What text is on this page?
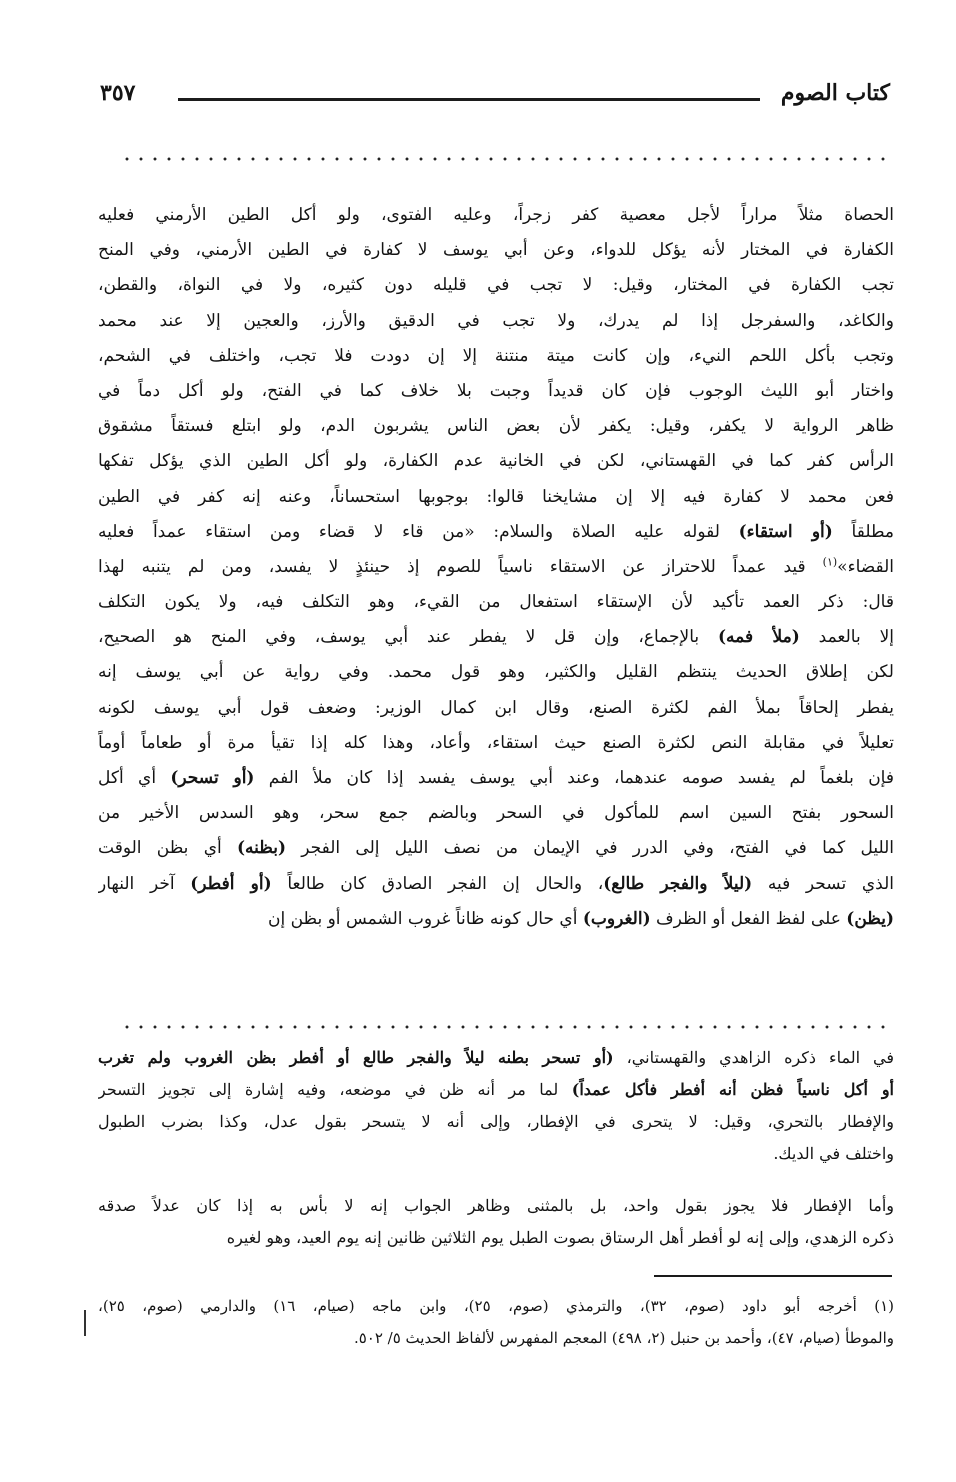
كتاب الصوم
٣٥٧
الحصاة مثلاً مراراً لأجل معصية كفر زجراً، وعليه الفتوى، ولو أكل الطين الأرمني فعليه
الكفارة في المختار لأنه يؤكل للدواء، وعن أبي يوسف لا كفارة في الطين الأرمني، وفي المنح
تجب الكفارة في المختار، وقيل: لا تجب في قليله دون كثيره، ولا في النواة، والقطن،
والكاغد، والسفرجل إذا لم يدرك، ولا تجب في الدقيق والأرز، والعجين إلا عند محمد
وتجب بأكل اللحم النيء، وإن كانت ميتة منتنة إلا إن دودت فلا تجب، واختلف في الشحم،
واختار أبو الليث الوجوب فإن كان قديداً وجبت بلا خلاف كما في الفتح، ولو أكل دماً في
ظاهر الرواية لا يكفر، وقيل: يكفر لأن بعض الناس يشربون الدم، ولو ابتلع فستقاً مشقوق
الرأس كفر كما في القهستاني، لكن في الخانية عدم الكفارة، ولو أكل الطين الذي يؤكل تفكها
فعن محمد لا كفارة فيه إلا إن مشايخنا قالوا: بوجوبها استحساناً، وعنه إنه كفر في الطين
مطلقاً (أو استقاء) لقوله عليه الصلاة والسلام: «من قاء لا قضاء ومن استقاء عمداً فعليه
القضاء»$^{(١)}$ قيد عمداً للاحتراز عن الاستقاء ناسياً للصوم إذ حينئذٍ لا يفسد، ومن لم يتنبه لهذا
قال: ذكر العمد تأكيد لأن الإستقاء استفعال من القيء، وهو التكلف فيه، ولا يكون التكلف
إلا بالعمد (ملأ فمه) بالإجماع، وإن قل لا يفطر عند أبي يوسف، وفي المنح هو الصحيح،
لكن إطلاق الحديث ينتظم القليل والكثير، وهو قول محمد. وفي رواية عن أبي يوسف إنه
يفطر إلحاقاً بملأ الفم لكثرة الصنع، وقال ابن كمال الوزير: وضعف قول أبي يوسف لكونه
تعليلاً في مقابلة النص لكثرة الصنع حيث استقاء، وأعاد، وهذا كله إذا تقيأ مرة أو طعاماً أوماً
فإن بلغماً لم يفسد صومه عندهما، وعند أبي يوسف يفسد إذا كان ملأ الفم (أو تسحر) أي أكل
السحور بفتح السين اسم للمأكول في السحر وبالضم جمع سحر، وهو السدس الأخير من
الليل كما في الفتح، وفي الدرر في الإيمان من نصف الليل إلى الفجر (بظنه) أي بظن الوقت
الذي تسحر فيه (ليلاً والفجر طالع)، والحال إن الفجر الصادق كان طالعاً (أو أفطر) آخر النهار
(يظن) على لفظ الفعل أو الظرف (الغروب) أي حال كونه ظاناً غروب الشمس أو بظن إن
في الماء ذكره الزاهدي والقهستاني، (أو تسحر بطنه ليلاً والفجر طالع أو أفطر بظن الغروب ولم تغرب
أو أكل ناسياً فظن أنه أفطر فأكل عمداً) لما مر أنه ظن في موضعه، وفيه إشارة إلى تجويز التسحر
والإفطار بالتحري، وقيل: لا يتحرى في الإفطار، وإلى أنه لا يتسحر بقول عدل، وكذا بضرب الطبول
واختلف في الديك.
وأما الإفطار فلا يجوز بقول واحد، بل بالمثنى وظاهر الجواب إنه لا بأس به إذا كان عدلاً صدقه
ذكره الزهدي، وإلى إنه لو أفطر أهل الرستاق بصوت الطبل يوم الثلاثين ظانين إنه يوم العيد، وهو لغيره
(١) أخرجه أبو داود (صوم، ٣٢)، والترمذي (صوم، ٢٥)، وابن ماجه (صيام، ١٦) والدارمي (صوم، ٢٥)،
والموطأ (صيام، ٤٧)، وأحمد بن حنبل (٢، ٤٩٨) المعجم المفهرس لألفاظ الحديث ٥/ ٥٠٢.
